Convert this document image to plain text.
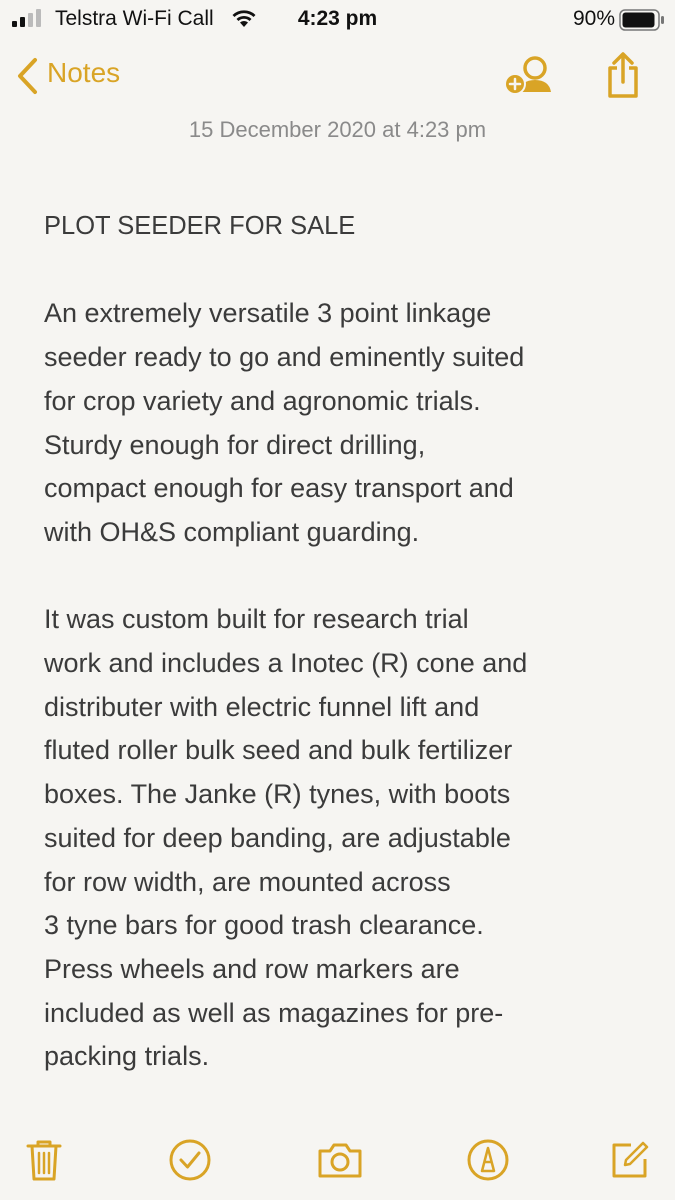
Telstra Wi-Fi Call	4:23 pm	90%
Notes
15 December 2020 at 4:23 pm

PLOT SEEDER FOR SALE

An extremely versatile 3 point linkage
seeder ready to go and eminently suited
for crop variety and agronomic trials.
Sturdy enough for direct drilling,
compact enough for easy transport and
with OH&S compliant guarding.

It was custom built for research trial
work and includes a Inotec (R) cone and
distributer with electric funnel lift and
fluted roller bulk seed and bulk fertilizer
boxes. The Janke (R) tynes, with boots
suited for deep banding, are adjustable
for row width, are mounted across
3 tyne bars for good trash clearance.
Press wheels and row markers are
included as well as magazines for pre-
packing trials.
